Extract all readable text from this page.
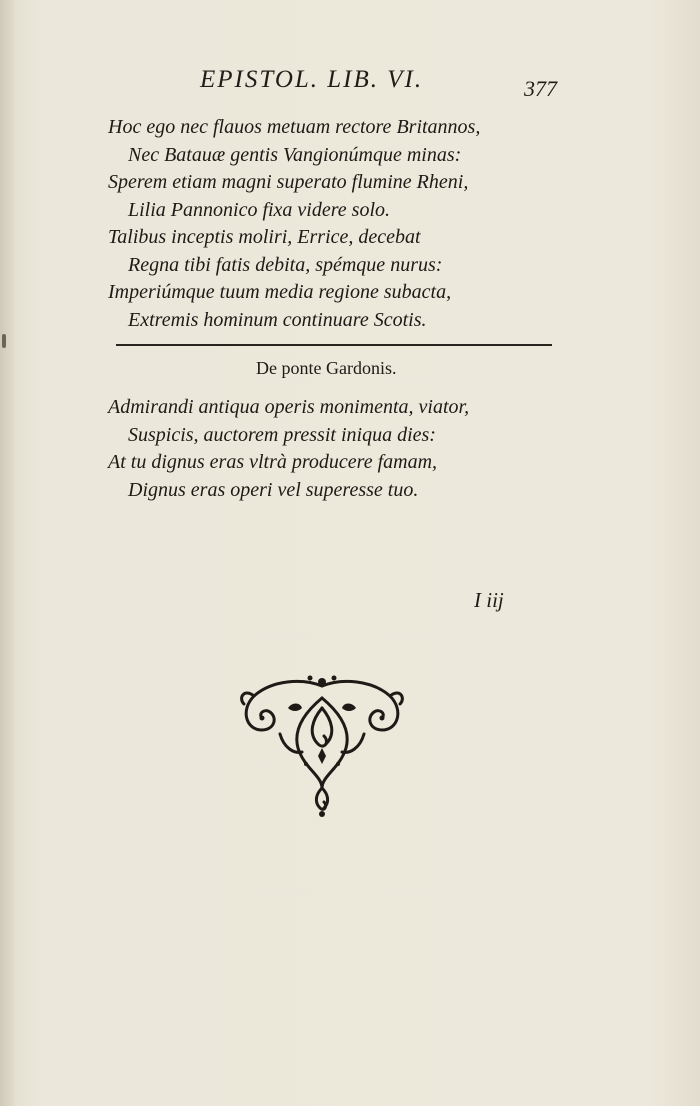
EPISTOL. LIB. VI.	377
Hoc ego nec flauos metuam rectore Britannos,
Nec Batauæ gentis Vangionúmque minas:
Sperem etiam magni superato flumine Rheni,
Lilia Pannonico fixa videre solo.
Talibus inceptis moliri, Errice, decebat
Regna tibi fatis debita, spémque nurus:
Imperiúmque tuum media regione subacta,
Extremis hominum continuare Scotis.
De ponte Gardonis.
Admirandi antiqua operis monimenta, viator,
Suspicis, auctorem pressit iniqua dies:
At tu dignus eras vltrà producere famam,
Dignus eras operi vel superesse tuo.
I iij
